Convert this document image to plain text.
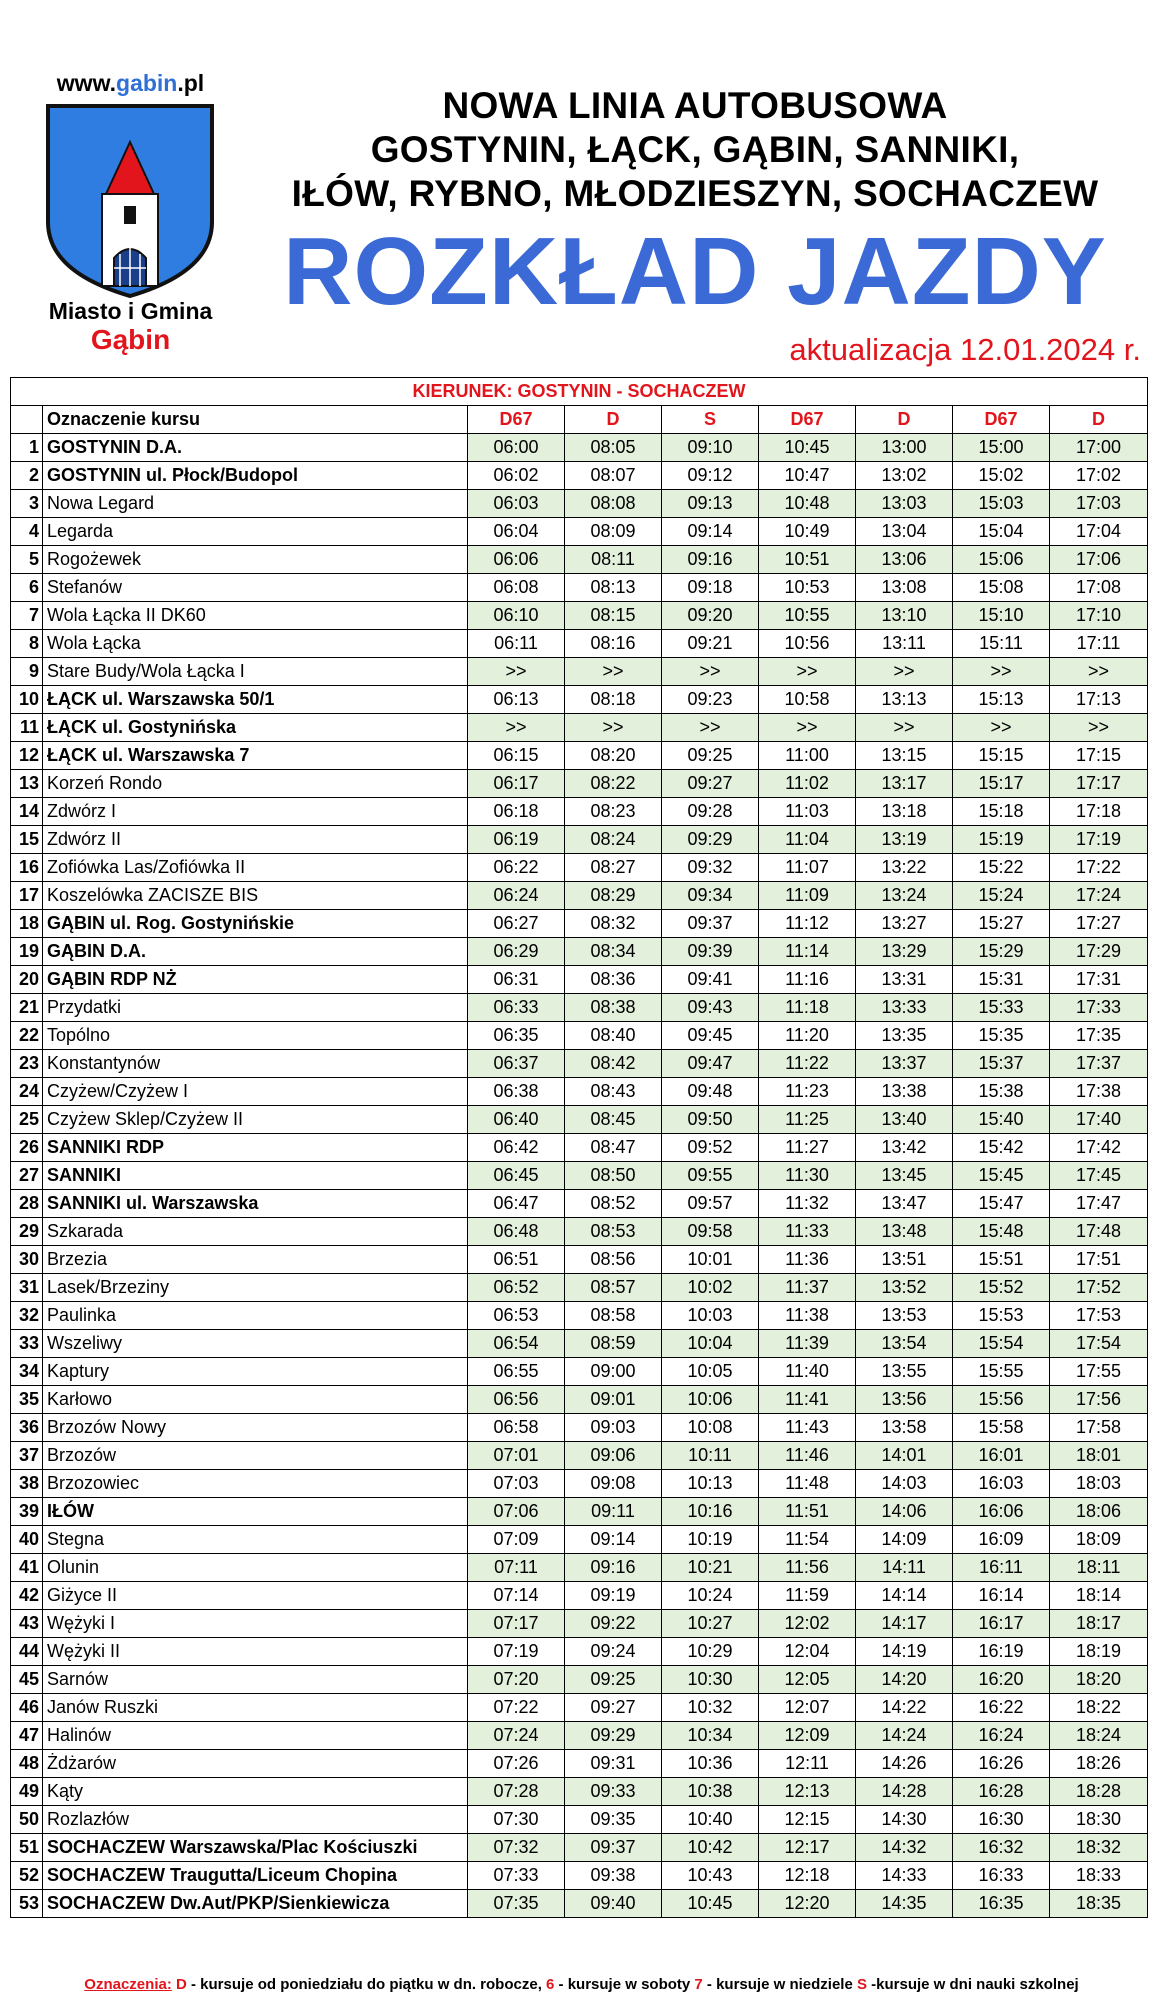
www.gabin.pl
Miasto i Gmina
Gąbin
NOWA LINIA AUTOBUSOWA
GOSTYNIN, ŁĄCK, GĄBIN, SANNIKI,
IŁÓW, RYBNO, MŁODZIESZYN, SOCHACZEW
ROZKŁAD JAZDY
aktualizacja 12.01.2024 r.
KIERUNEK: GOSTYNIN - SOCHACZEW								
	Oznaczenie kursu	D67	D	S	D67	D	D67	D
1	GOSTYNIN D.A.	06:00	08:05	09:10	10:45	13:00	15:00	17:00
2	GOSTYNIN ul. Płock/Budopol	06:02	08:07	09:12	10:47	13:02	15:02	17:02
3	Nowa Legard	06:03	08:08	09:13	10:48	13:03	15:03	17:03
4	Legarda	06:04	08:09	09:14	10:49	13:04	15:04	17:04
5	Rogożewek	06:06	08:11	09:16	10:51	13:06	15:06	17:06
6	Stefanów	06:08	08:13	09:18	10:53	13:08	15:08	17:08
7	Wola Łącka II DK60	06:10	08:15	09:20	10:55	13:10	15:10	17:10
8	Wola Łącka	06:11	08:16	09:21	10:56	13:11	15:11	17:11
9	Stare Budy/Wola Łącka I	>>	>>	>>	>>	>>	>>	>>
10	ŁĄCK ul. Warszawska 50/1	06:13	08:18	09:23	10:58	13:13	15:13	17:13
11	ŁĄCK ul. Gostynińska	>>	>>	>>	>>	>>	>>	>>
12	ŁĄCK ul. Warszawska 7	06:15	08:20	09:25	11:00	13:15	15:15	17:15
13	Korzeń Rondo	06:17	08:22	09:27	11:02	13:17	15:17	17:17
14	Zdwórz I	06:18	08:23	09:28	11:03	13:18	15:18	17:18
15	Zdwórz II	06:19	08:24	09:29	11:04	13:19	15:19	17:19
16	Zofiówka Las/Zofiówka II	06:22	08:27	09:32	11:07	13:22	15:22	17:22
17	Koszelówka ZACISZE BIS	06:24	08:29	09:34	11:09	13:24	15:24	17:24
18	GĄBIN ul. Rog. Gostynińskie	06:27	08:32	09:37	11:12	13:27	15:27	17:27
19	GĄBIN D.A.	06:29	08:34	09:39	11:14	13:29	15:29	17:29
20	GĄBIN RDP NŻ	06:31	08:36	09:41	11:16	13:31	15:31	17:31
21	Przydatki	06:33	08:38	09:43	11:18	13:33	15:33	17:33
22	Topólno	06:35	08:40	09:45	11:20	13:35	15:35	17:35
23	Konstantynów	06:37	08:42	09:47	11:22	13:37	15:37	17:37
24	Czyżew/Czyżew I	06:38	08:43	09:48	11:23	13:38	15:38	17:38
25	Czyżew Sklep/Czyżew II	06:40	08:45	09:50	11:25	13:40	15:40	17:40
26	SANNIKI RDP	06:42	08:47	09:52	11:27	13:42	15:42	17:42
27	SANNIKI	06:45	08:50	09:55	11:30	13:45	15:45	17:45
28	SANNIKI ul. Warszawska	06:47	08:52	09:57	11:32	13:47	15:47	17:47
29	Szkarada	06:48	08:53	09:58	11:33	13:48	15:48	17:48
30	Brzezia	06:51	08:56	10:01	11:36	13:51	15:51	17:51
31	Lasek/Brzeziny	06:52	08:57	10:02	11:37	13:52	15:52	17:52
32	Paulinka	06:53	08:58	10:03	11:38	13:53	15:53	17:53
33	Wszeliwy	06:54	08:59	10:04	11:39	13:54	15:54	17:54
34	Kaptury	06:55	09:00	10:05	11:40	13:55	15:55	17:55
35	Karłowo	06:56	09:01	10:06	11:41	13:56	15:56	17:56
36	Brzozów Nowy	06:58	09:03	10:08	11:43	13:58	15:58	17:58
37	Brzozów	07:01	09:06	10:11	11:46	14:01	16:01	18:01
38	Brzozowiec	07:03	09:08	10:13	11:48	14:03	16:03	18:03
39	IŁÓW	07:06	09:11	10:16	11:51	14:06	16:06	18:06
40	Stegna	07:09	09:14	10:19	11:54	14:09	16:09	18:09
41	Olunin	07:11	09:16	10:21	11:56	14:11	16:11	18:11
42	Giżyce II	07:14	09:19	10:24	11:59	14:14	16:14	18:14
43	Wężyki I	07:17	09:22	10:27	12:02	14:17	16:17	18:17
44	Wężyki II	07:19	09:24	10:29	12:04	14:19	16:19	18:19
45	Sarnów	07:20	09:25	10:30	12:05	14:20	16:20	18:20
46	Janów Ruszki	07:22	09:27	10:32	12:07	14:22	16:22	18:22
47	Halinów	07:24	09:29	10:34	12:09	14:24	16:24	18:24
48	Żdżarów	07:26	09:31	10:36	12:11	14:26	16:26	18:26
49	Kąty	07:28	09:33	10:38	12:13	14:28	16:28	18:28
50	Rozlazłów	07:30	09:35	10:40	12:15	14:30	16:30	18:30
51	SOCHACZEW Warszawska/Plac Kościuszki	07:32	09:37	10:42	12:17	14:32	16:32	18:32
52	SOCHACZEW Traugutta/Liceum Chopina	07:33	09:38	10:43	12:18	14:33	16:33	18:33
53	SOCHACZEW Dw.Aut/PKP/Sienkiewicza	07:35	09:40	10:45	12:20	14:35	16:35	18:35
Oznaczenia: D - kursuje od poniedziału do piątku w dn. robocze, 6 - kursuje w soboty 7 - kursuje w niedziele S -kursuje w dni nauki szkolnej
